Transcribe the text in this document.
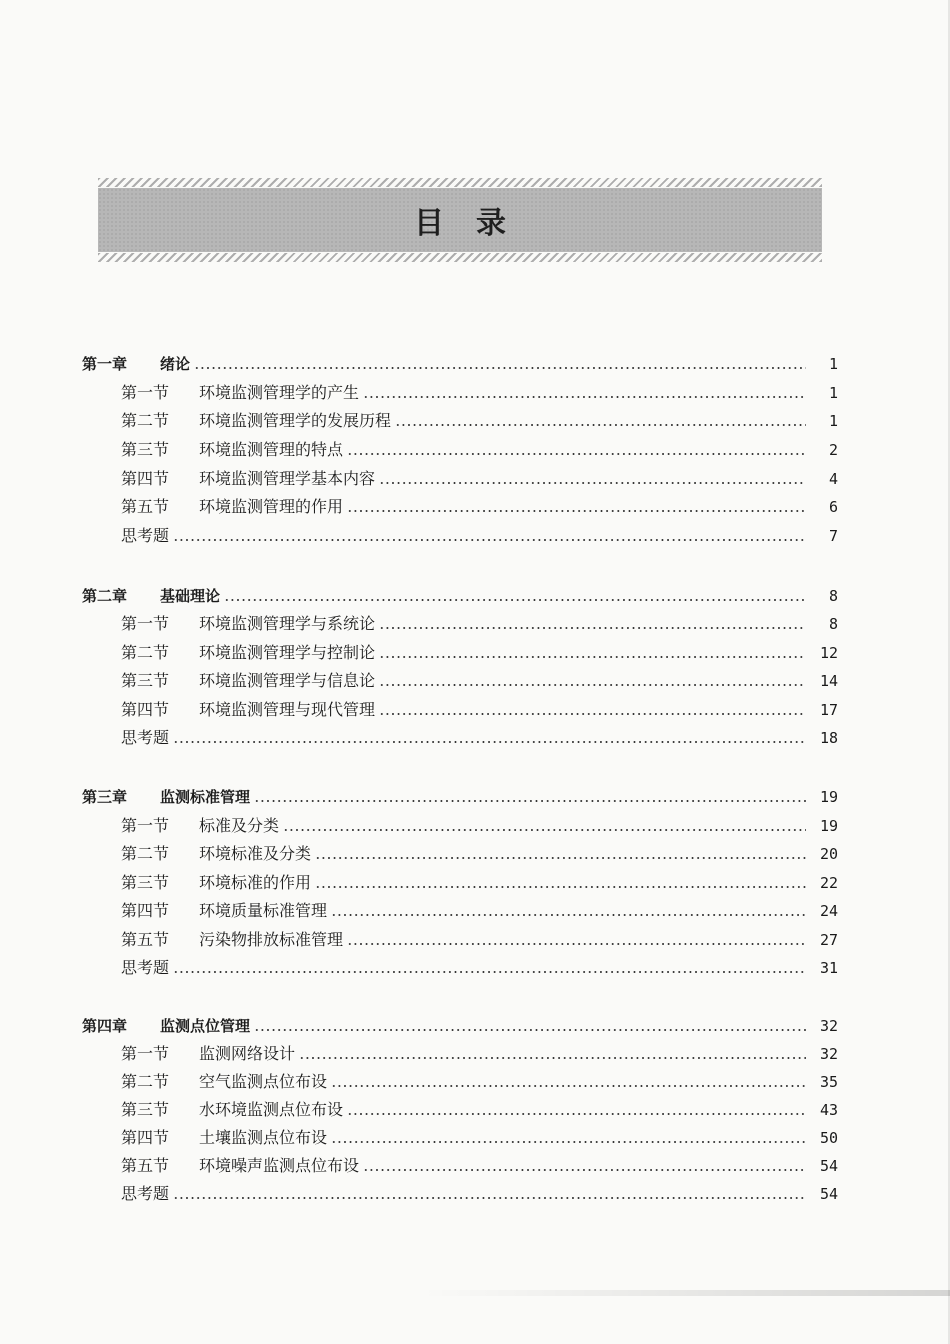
目录
第一章 绪论	1
第一节 环境监测管理学的产生	1
第二节 环境监测管理学的发展历程	1
第三节 环境监测管理的特点	2
第四节 环境监测管理学基本内容	4
第五节 环境监测管理的作用	6
思考题	7
第二章 基础理论	8
第一节 环境监测管理学与系统论	8
第二节 环境监测管理学与控制论	12
第三节 环境监测管理学与信息论	14
第四节 环境监测管理与现代管理	17
思考题	18
第三章 监测标准管理	19
第一节 标准及分类	19
第二节 环境标准及分类	20
第三节 环境标准的作用	22
第四节 环境质量标准管理	24
第五节 污染物排放标准管理	27
思考题	31
第四章 监测点位管理	32
第一节 监测网络设计	32
第二节 空气监测点位布设	35
第三节 水环境监测点位布设	43
第四节 土壤监测点位布设	50
第五节 环境噪声监测点位布设	54
思考题	54
